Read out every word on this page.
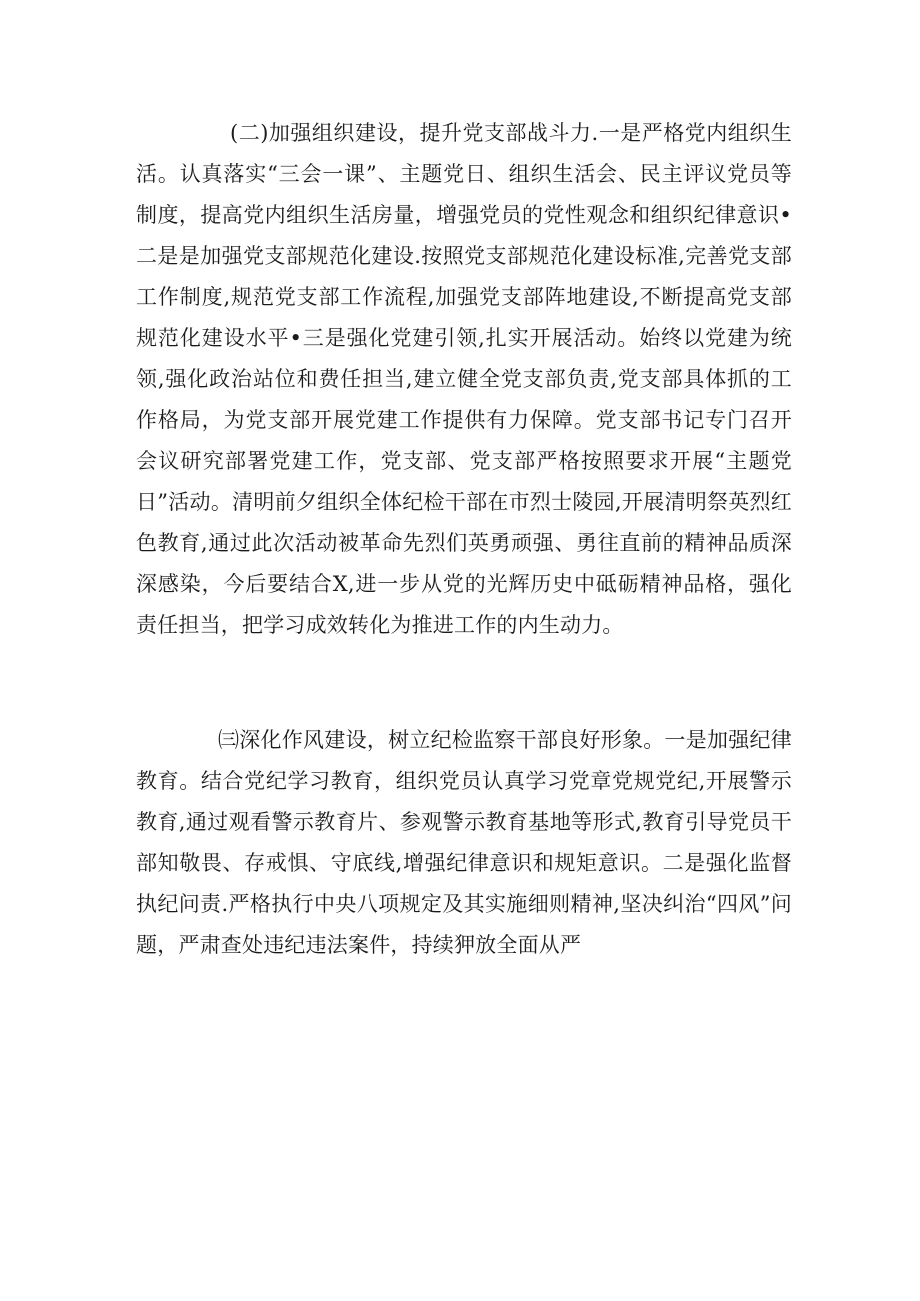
(二)加强组织建设，提升党支部战斗力.一是严格党内组织生活。认真落实“三会一课”、主题党日、组织生活会、民主评议党员等制度，提高党内组织生活房量，增强党员的党性观念和组织纪律意识•二是是加强党支部规范化建设.按照党支部规范化建设标准,完善党支部工作制度,规范党支部工作流程,加强党支部阵地建设,不断提高党支部规范化建设水平•三是强化党建引领,扎实开展活动。始终以党建为统领,强化政治站位和费任担当,建立健全党支部负责,党支部具体抓的工作格局，为党支部开展党建工作提供有力保障。党支部书记专门召开会议研究部署党建工作，党支部、党支部严格按照要求开展“主题党日”活动。清明前夕组织全体纪检干部在市烈士陵园,开展清明祭英烈红色教育,通过此次活动被革命先烈们英勇顽强、勇往直前的精神品质深深感染，今后要结合X,进一步从党的光辉历史中砥砺精神品格，强化责任担当，把学习成效转化为推进工作的内生动力。

㈢深化作风建设，树立纪检监察干部良好形象。一是加强纪律教育。结合党纪学习教育，组织党员认真学习党章党规党纪,开展警示教育,通过观看警示教育片、参观警示教育基地等形式,教育引导党员干部知敬畏、存戒惧、守底线,增强纪律意识和规矩意识。二是强化监督执纪问责.严格执行中央八项规定及其实施细则精神,坚决纠治“四风”问题，严肃查处违纪违法案件，持续狎放全面从严
